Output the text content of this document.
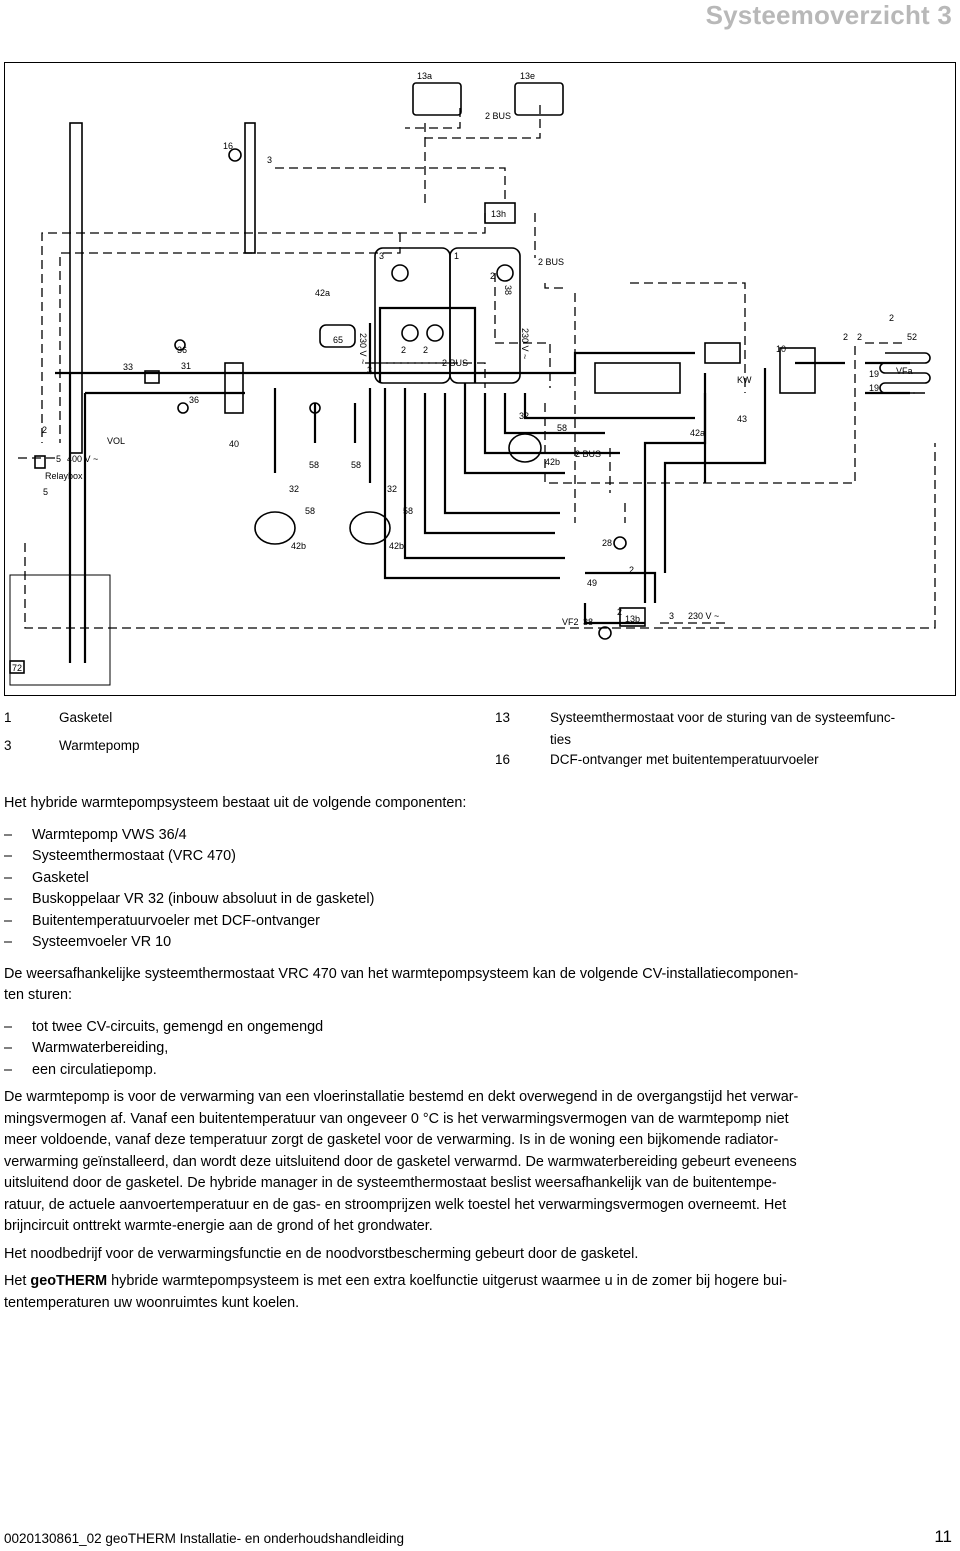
Systeemoverzicht 3
13a	13e
2 BUS
16
3
13h
3	1
2
2 BUS
42a
65 230 V ~	230 V ~
38
3
2 2
2 BUS
36
33	31
36
2
5 400 V ~
Relaybox
5
VOL	40
58	58
32	32
58	58
42b	42b
32
58
42b
2 BUS
42a
KW
43
10
2 2
2
52
19
19
VFa
28
2
49
VF2 38
2
13b	3 230 V ~
72
1	Gasketel
3	Warmtepomp
13	Systeemthermostaat voor de sturing van de systeemfunc-
ties
16	DCF-ontvanger met buitentemperatuurvoeler

Het hybride warmtepompsysteem bestaat uit de volgende componenten:

– Warmtepomp VWS 36/4
– Systeemthermostaat (VRC 470)
– Gasketel
– Buskoppelaar VR 32 (inbouw absoluut in de gasketel)
– Buitentemperatuurvoeler met DCF-ontvanger
– Systeemvoeler VR 10

De weersafhankelijke systeemthermostaat VRC 470 van het warmtepompsysteem kan de volgende CV-installatiecomponen-

ten sturen:

– tot twee CV-circuits, gemengd en ongemengd
– Warmwaterbereiding,
– een circulatiepomp.

De warmtepomp is voor de verwarming van een vloerinstallatie bestemd en dekt overwegend in de overgangstijd het verwar-

mingsvermogen af. Vanaf een buitentemperatuur van ongeveer 0 °C is het verwarmingsvermogen van de warmtepomp niet

meer voldoende, vanaf deze temperatuur zorgt de gasketel voor de verwarming. Is in de woning een bijkomende radiator-

verwarming geïnstalleerd, dan wordt deze uitsluitend door de gasketel verwarmd. De warmwaterbereiding gebeurt eveneens

uitsluitend door de gasketel. De hybride manager in de systeemthermostaat beslist weersafhankelijk van de buitentempe-

ratuur, de actuele aanvoertemperatuur en de gas- en stroomprijzen welk toestel het verwarmingsvermogen overneemt. Het

brijncircuit onttrekt warmte-energie aan de grond of het grondwater.

Het noodbedrijf voor de verwarmingsfunctie en de noodvorstbescherming gebeurt door de gasketel.

Het geoTHERM hybride warmtepompsysteem is met een extra koelfunctie uitgerust waarmee u in de zomer bij hogere bui-

tentemperaturen uw woonruimtes kunt koelen.

0020130861_02 geoTHERM Installatie- en onderhoudshandleiding	11
